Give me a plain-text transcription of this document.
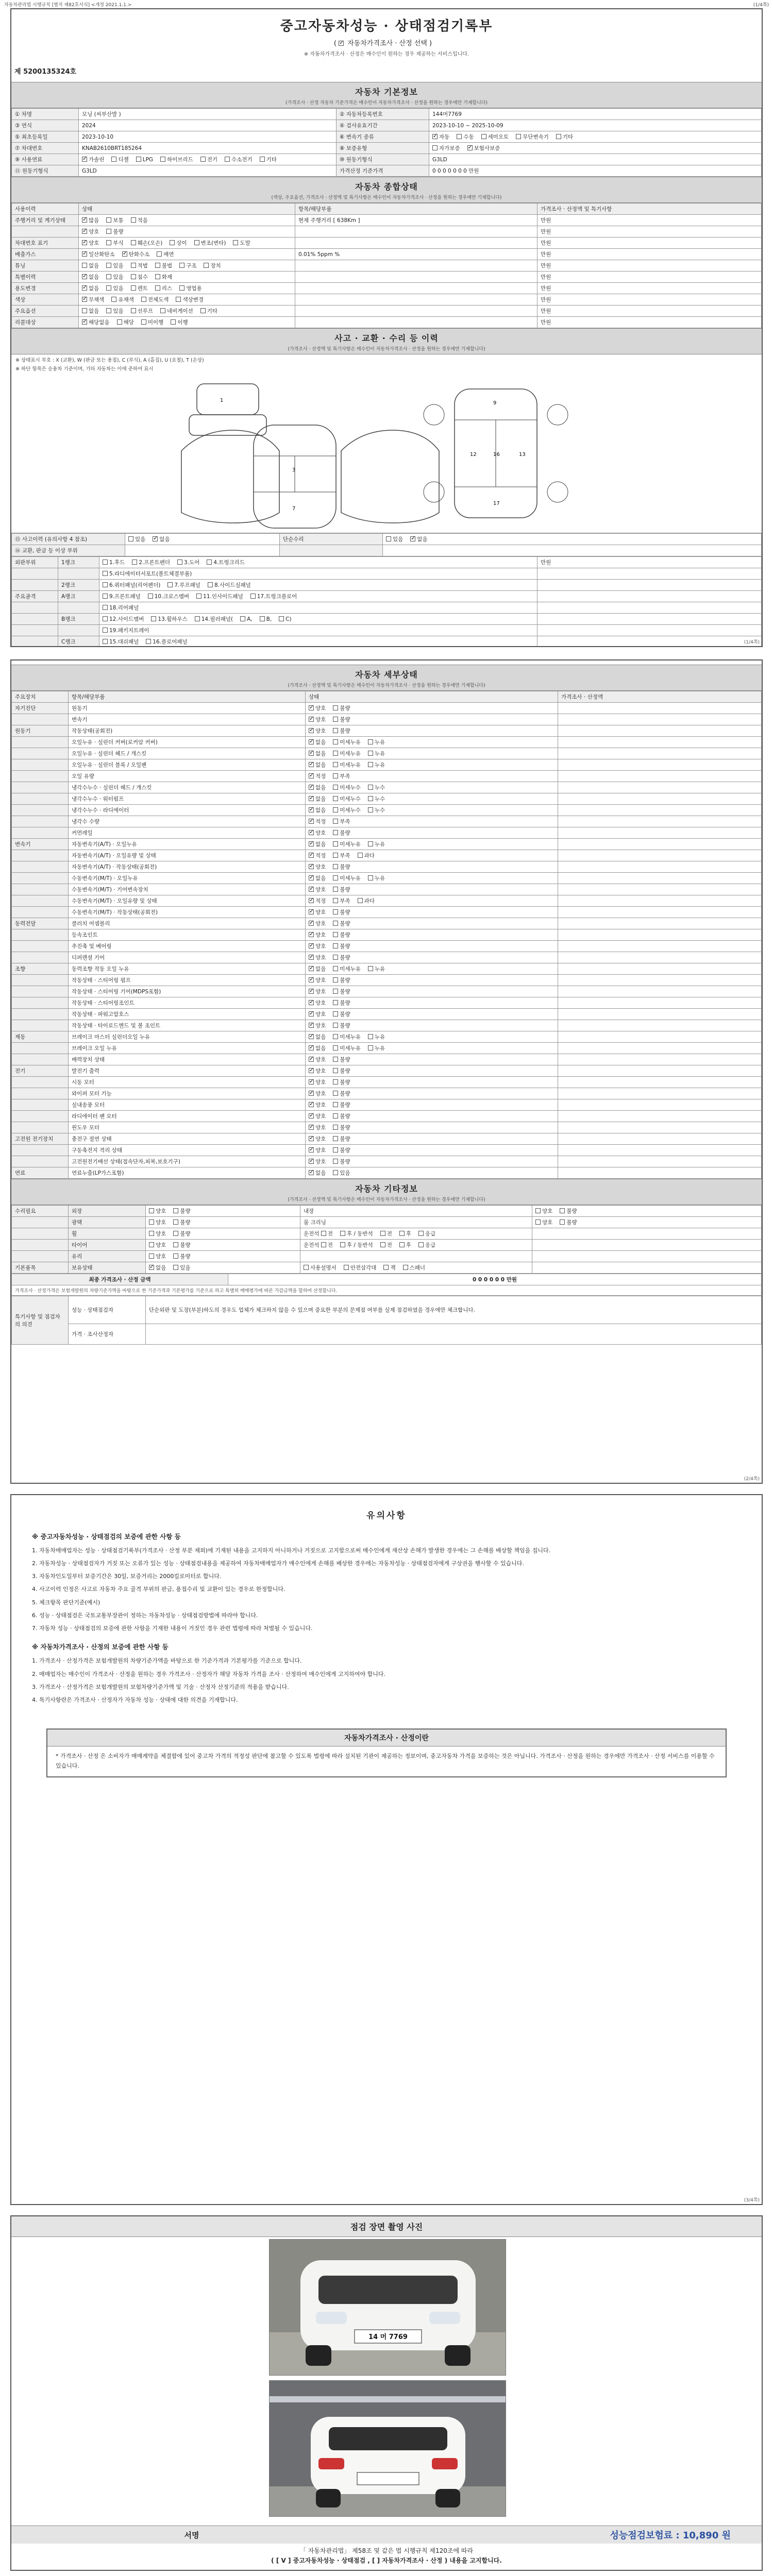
자동차관리법 시행규칙 [별지 제82호서식] <개정 2021.1.1.>	(1/4쪽)
중고자동차성능 · 상태점검기록부
( ✓ 자동차가격조사 · 산정 선택 )
※ 자동차가격조사 · 산정은 매수인이 원하는 경우 제공하는 서비스입니다.
제 5200135324호
자동차 기본정보
(가격조사 · 산정 자동차 기준가격은 매수인이 자동차가격조사 · 산정을 원하는 경우에만 기재합니다)
① 차명	모닝 (씨부산발 )	② 자동차등록번호	144머7769
③ 연식	2024	④ 검사유효기간	2023-10-10 ~ 2025-10-09
⑤ 최초등록일	2023-10-10	⑥ 변속기 종류	✓자동 수동 세미오토 무단변속기 기타
⑦ 차대번호	KNAB2610BRT185264	⑧ 보증유형	자가보증 ✓ 보험사보증
⑨ 사용연료	✓가솔린 디젤 LPG 하이브리드 전기 수소전기 기타	⑩ 원동기형식	G3LD
⑪ 원동기형식	G3LD	가격산정 기준가격	0 0 0 0 0 0 0 만원
자동차 종합상태
(색상, 주요옵션, 가격조사 · 산정액 및 특기사항은 매수인이 자동차가격조사 · 산정을 원하는 경우에만 기재합니다)
사용이력	상태	항목/해당부품	가격조사 · 산정액 및 특기사항
주행거리 및 계기상태	✓많음 보통 적음	현재 주행거리 [ 638Km ]	만원
	✓양호 불량		만원
차대번호 표기	✓양호 부식 훼손(오손) 상이 변조(변타) 도말		만원
배출가스	✓일산화탄소 ✓ 탄화수소 매연	0.01% 5ppm %	만원
튜닝	없음 있음 적법 불법 구조 장치		만원
특별이력	✓없음 있음 침수 화재		만원
용도변경	✓없음 있음 렌트 리스 영업용		만원
색상	✓무채색 유채색 전체도색 색상변경		만원
주요옵션	없음 있음 선루프 네비게이션 기타		만원
리콜대상	✓해당없음 해당 미이행 이행		만원
사고 · 교환 · 수리 등 이력
(가격조사 · 산정액 및 특기사항은 매수인이 자동차가격조사 · 산정을 원하는 경우에만 기재합니다)
※ 상태표시 부호 : X (교환), W (판금 또는 용접), C (부식), A (흠집), U (요철), T (손상)
※ 하단 항목은 승용차 기준이며, 기타 자동차는 이에 준하여 표시
1
3
7
16
9
17
12	13
⑮ 사고이력 (유의사항 4 참조)	있음 ✓ 없음	단순수리	있음 ✓ 없음
⑯ 교환, 판금 등 이상 부위			
외판부위	1랭크	1.후드 2.프론트펜더 3.도어 4.트렁크리드	만원
		5.라디에이터서포트(볼트체결부품)	
	2랭크	6.쿼터패널(리어펜더) 7.루프패널 8.사이드실패널	
주요골격	A랭크	9.프론트패널 10.크로스멤버 11.인사이드패널 17.트렁크플로어	
		18.리어패널	
	B랭크	12.사이드멤버 13.휠하우스 14.필러패널( A, B, C)	
		19.패키지트레이	
	C랭크	15.대쉬패널 16.플로어패널		(1/4쪽)
자동차 세부상태
(가격조사 · 산정액 및 특기사항은 매수인이 자동차가격조사 · 산정을 원하는 경우에만 기재합니다)
주요장치	항목/해당부품	상태	가격조사 · 산정액
자기진단	원동기	✓양호 불량	
	변속기	✓양호 불량	
원동기	작동상태(공회전)	✓양호 불량	
	오일누유 · 실린더 커버(로커암 커버)	✓없음 미세누유 누유	
	오일누유 · 실린더 헤드 / 개스킷	✓없음 미세누유 누유	
	오일누유 · 실린더 블록 / 오일팬	✓없음 미세누유 누유	
	오일 유량	✓적정 부족	
	냉각수누수 · 실린더 헤드 / 개스킷	✓없음 미세누수 누수	
	냉각수누수 · 워터펌프	✓없음 미세누수 누수	
	냉각수누수 · 라디에이터	✓없음 미세누수 누수	
	냉각수 수량	✓적정 부족	
	커먼레일	✓양호 불량	
변속기	자동변속기(A/T) · 오일누유	✓없음 미세누유 누유	
	자동변속기(A/T) · 오일유량 및 상태	✓적정 부족 과다	
	자동변속기(A/T) · 작동상태(공회전)	✓양호 불량	
	수동변속기(M/T) · 오일누유	✓없음 미세누유 누유	
	수동변속기(M/T) · 기어변속장치	✓양호 불량	
	수동변속기(M/T) · 오일유량 및 상태	✓적정 부족 과다	
	수동변속기(M/T) · 작동상태(공회전)	✓양호 불량	
동력전달	클러치 어셈블리	✓양호 불량	
	등속조인트	✓양호 불량	
	추진축 및 베어링	✓양호 불량	
	디퍼렌셜 기어	✓양호 불량	
조향	동력조향 작동 오일 누유	✓없음 미세누유 누유	
	작동상태 · 스티어링 펌프	✓양호 불량	
	작동상태 · 스티어링 기어(MDPS포함)	✓양호 불량	
	작동상태 · 스티어링조인트	✓양호 불량	
	작동상태 · 파워고압호스	✓양호 불량	
	작동상태 · 타이로드엔드 및 볼 조인트	✓양호 불량	
제동	브레이크 마스터 실린더오일 누유	✓없음 미세누유 누유	
	브레이크 오일 누유	✓없음 미세누유 누유	
	배력장치 상태	✓양호 불량	
전기	발전기 출력	✓양호 불량	
	시동 모터	✓양호 불량	
	와이퍼 모터 기능	✓양호 불량	
	실내송풍 모터	✓양호 불량	
	라디에이터 팬 모터	✓양호 불량	
	윈도우 모터	✓양호 불량	
고전원 전기장치	충전구 절연 상태	✓양호 불량	
	구동축전지 격리 상태	✓양호 불량	
	고전원전기배선 상태(접속단자,피복,보호기구)	✓양호 불량	
연료	연료누출(LP가스포함)	✓없음 있음	
자동차 기타정보
(가격조사 · 산정액 및 특기사항은 매수인이 자동차가격조사 · 산정을 원하는 경우에만 기재합니다)
수리필요	외장	양호 불량	내장	양호 불량
	광택	양호 불량	룸 크리닝	양호 불량
	휠	양호 불량	운전석 전 후 / 동반석 전 후 응급	
	타이어	양호 불량	운전석 전 후 / 동반석 전 후 응급	
	유리	양호 불량		
기본품목	보유상태	✓없음 있음	사용설명서 안전삼각대 잭 스패너	
최종 가격조사 · 산정 금액	0 0 0 0 0 0 만원
가격조사 · 산정가격은 보험개발원의 차량기준가액을 바탕으로 한 기준가격과 기본평가를 기준으로 하고 특별히 매매평가에 따른 가감금액을 합하여 산정합니다.
특기사항 및 점검자의 의견	성능 · 상태점검자	단순외판 및 도장(부분)하도의 경우도 업체가 체크하지 않을 수 있으며 중요한 부분의 문제점 여부를 실제 점검하였을 경우에만 체크합니다.
	가격 · 조사산정자	
(2/4쪽)
유의사항
※ 중고자동차성능 · 상태점검의 보증에 관한 사항 등

1. 자동차매매업자는 성능 · 상태점검기록부(가격조사 · 산정 부분 제외)에 기재된 내용을 고지하지 아니하거나 거짓으로 고지함으로써 매수인에게 재산상 손해가 발생한 경우에는 그 손해를 배상할 책임을 집니다.

2. 자동차성능 · 상태점검자가 거짓 또는 오류가 있는 성능 · 상태점검내용을 제공하여 자동차매매업자가 매수인에게 손해를 배상한 경우에는 자동차성능 · 상태점검자에게 구상권을 행사할 수 있습니다.

3. 자동차인도일부터 보증기간은 30일, 보증거리는 2000킬로미터로 합니다.

4. 사고이력 인정은 사고로 자동차 주요 골격 부위의 판금, 용접수리 및 교환이 있는 경우로 한정합니다.

5. 체크항목 판단기준(예시)

6. 성능 · 상태점검은 국토교통부장관이 정하는 자동차성능 · 상태점검방법에 따라야 합니다.

7. 자동차 성능 · 상태점검의 보증에 관한 사항을 기재한 내용이 거짓인 경우 관련 법령에 따라 처벌될 수 있습니다.

※ 자동차가격조사 · 산정의 보증에 관한 사항 등

1. 가격조사 · 산정가격은 보험개발원의 차량기준가액을 바탕으로 한 기준가격과 기본평가를 기준으로 합니다.

2. 매매업자는 매수인이 가격조사 · 산정을 원하는 경우 가격조사 · 산정자가 해당 자동차 가격을 조사 · 산정하여 매수인에게 고지하여야 합니다.

3. 가격조사 · 산정가격은 보험개발원의 보험차량기준가액 및 기술 · 산정자 산정기준의 적용을 받습니다.

4. 특기사항란은 가격조사 · 산정자가 자동차 성능 · 상태에 대한 의견을 기재합니다.

자동차가격조사 · 산정이란
* 가격조사 · 산정 은 소비자가 매매계약을 체결함에 있어 중고차 가격의 적정성 판단에 참고할 수 있도록 법령에 따라 설치된 기관이 제공하는 정보이며, 중고자동차 가격을 보증하는 것은 아닙니다. 가격조사 · 산정을 원하는 경우에만 가격조사 · 산정 서비스를 이용할 수 있습니다.
(3/4쪽)
점검 장면 촬영 사진
14 머 7769
서명	성능점검보험료 : 10,890 원
「 자동차관리법」 제58조 및 같은 법 시행규칙 제120조에 따라
( [ V ] 중고자동차성능 · 상태점검 , [ ] 자동차가격조사 · 산정 ) 내용을 고지합니다.
